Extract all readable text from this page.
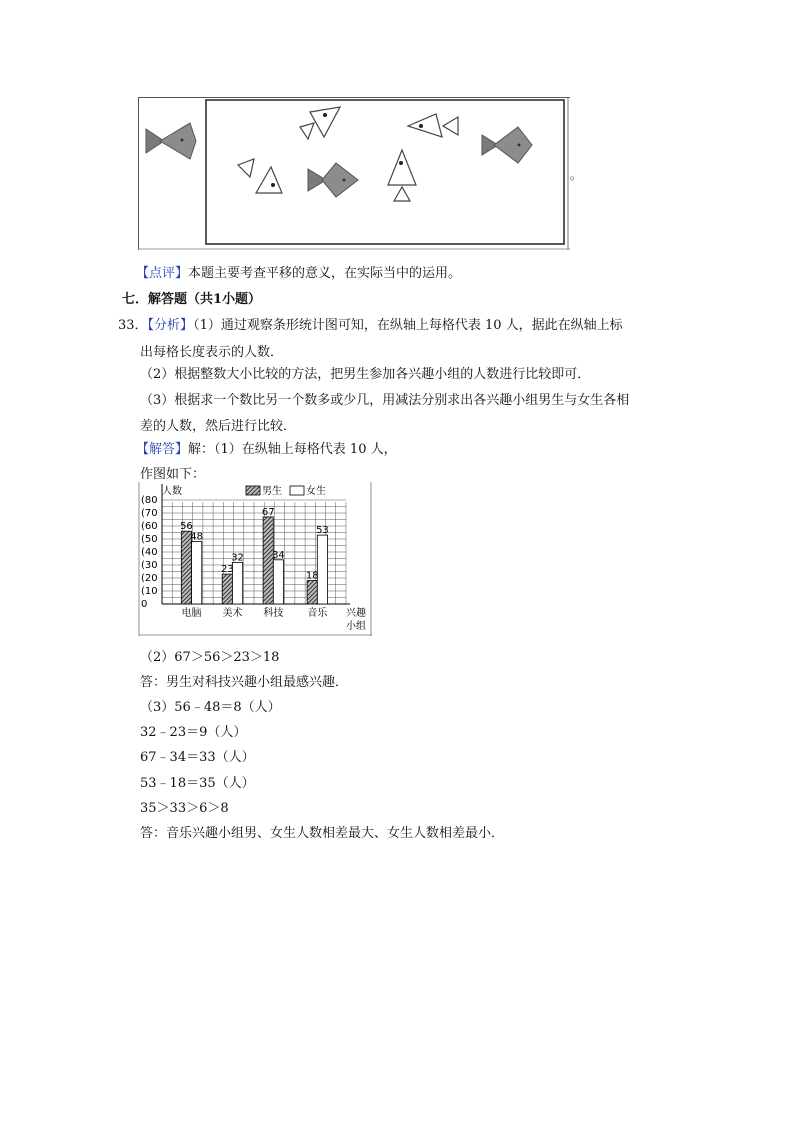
。
【点评】本题主要考查平移的意义，在实际当中的运用。
七．解答题（共1小题）
33．【分析】（1）通过观察条形统计图可知，在纵轴上每格代表 10 人，据此在纵轴上标
出每格长度表示的人数．
（2）根据整数大小比较的方法，把男生参加各兴趣小组的人数进行比较即可．
（3）根据求一个数比另一个数多或少几，用减法分别求出各兴趣小组男生与女生各相
差的人数，然后进行比较．
【解答】解：（1）在纵轴上每格代表 10 人，
作图如下：
(80
(70
(60
(50
(40
(30
(20
(10
0
56
48
电脑
23
32
美术
67
34
科技
18
53
音乐
人数	男生 女生
兴趣
小组
（2）67＞56＞23＞18
答：男生对科技兴趣小组最感兴趣．
（3）56﹣48＝8（人）
32﹣23＝9（人）
67﹣34＝33（人）
53﹣18＝35（人）
35＞33＞6＞8
答：音乐兴趣小组男、女生人数相差最大、女生人数相差最小．
